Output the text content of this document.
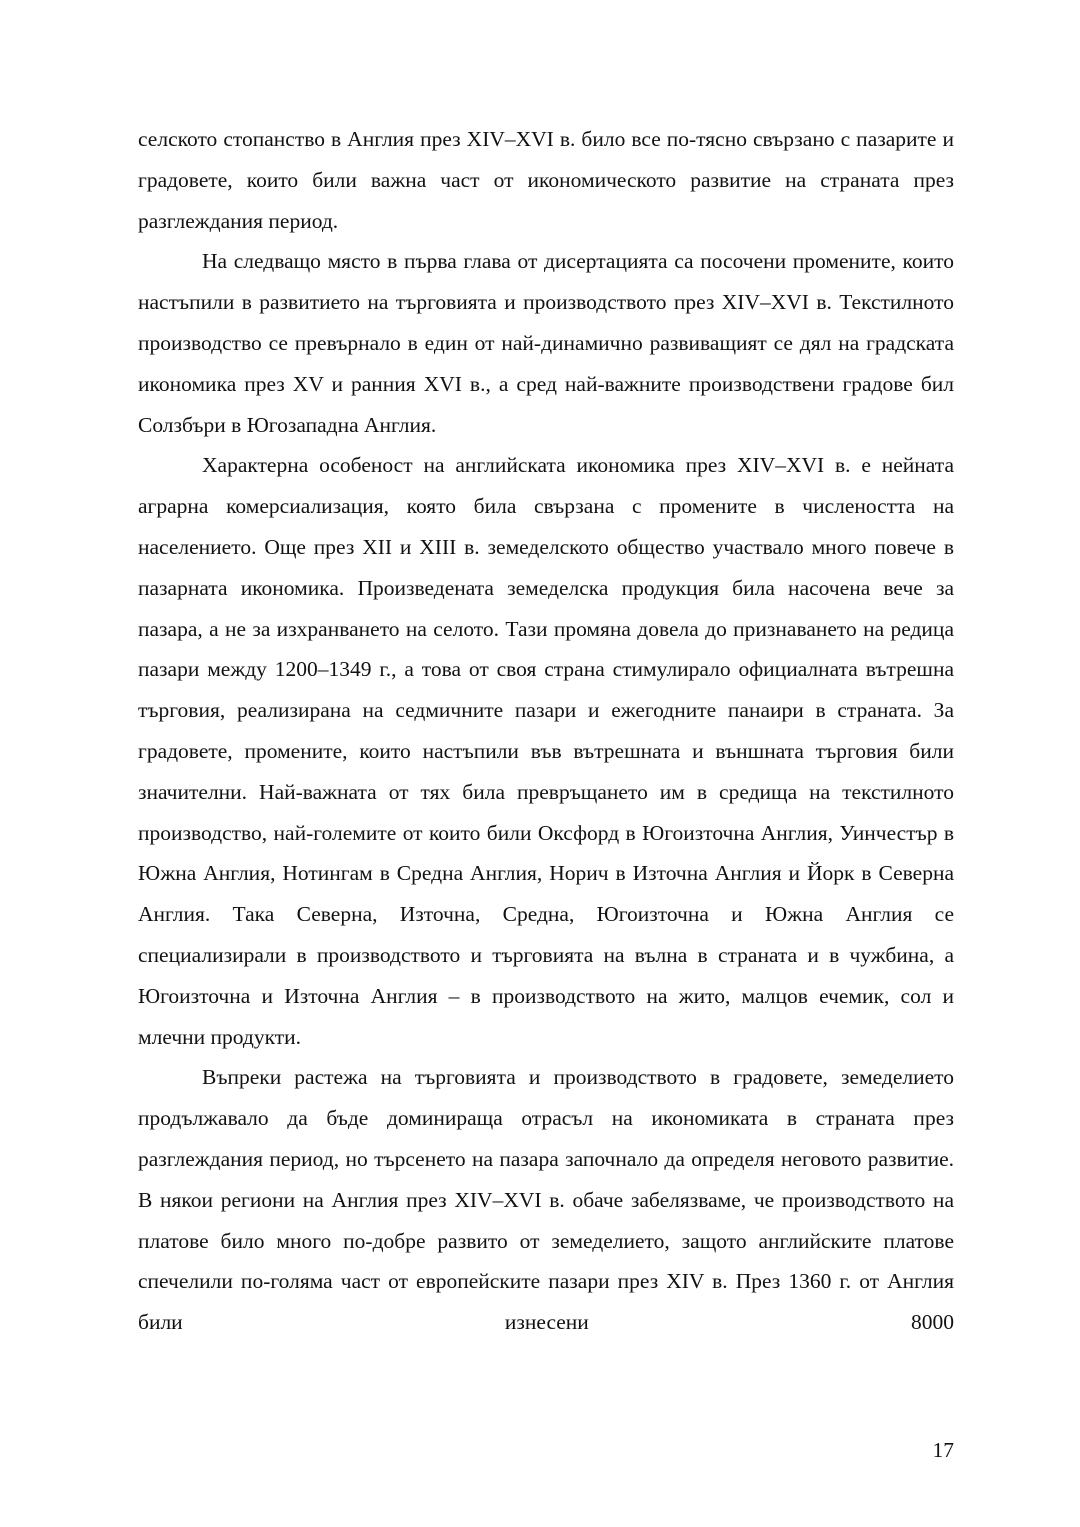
селското стопанство в Англия през XIV–XVI в. било все по-тясно свързано с пазарите и градовете, които били важна част от икономическото развитие на страната през разглеждания период.

На следващо място в първа глава от дисертацията са посочени промените, които настъпили в развитието на търговията и производството през XIV–XVI в. Текстилното производство се превърнало в един от най-динамично развиващият се дял на градската икономика през XV и ранния XVI в., а сред най-важните производствени градове бил Солзбъри в Югозападна Англия.

Характерна особеност на английската икономика през XIV–XVI в. е нейната аграрна комерсиализация, която била свързана с промените в числеността на населението. Още през XII и XIII в. земеделското общество участвало много повече в пазарната икономика. Произведената земеделска продукция била насочена вече за пазара, а не за изхранването на селото. Тази промяна довела до признаването на редица пазари между 1200–1349 г., а това от своя страна стимулирало официалната вътрешна търговия, реализирана на седмичните пазари и ежегодните панаири в страната. За градовете, промените, които настъпили във вътрешната и външната търговия били значителни. Най-важната от тях била превръщането им в средища на текстилното производство, най-големите от които били Оксфорд в Югоизточна Англия, Уинчестър в Южна Англия, Нотингам в Средна Англия, Норич в Източна Англия и Йорк в Северна Англия. Така Северна, Източна, Средна, Югоизточна и Южна Англия се специализирали в производството и търговията на вълна в страната и в чужбина, а Югоизточна и Източна Англия – в производството на жито, малцов ечемик, сол и млечни продукти.

Въпреки растежа на търговията и производството в градовете, земеделието продължавало да бъде доминираща отрасъл на икономиката в страната през разглеждания период, но търсенето на пазара започнало да определя неговото развитие. В някои региони на Англия през XIV–XVI в. обаче забелязваме, че производството на платове било много по-добре развито от земеделието, защото английските платове спечелили по-голяма част от европейските пазари през XIV в. През 1360 г. от Англия били изнесени 8000

17
